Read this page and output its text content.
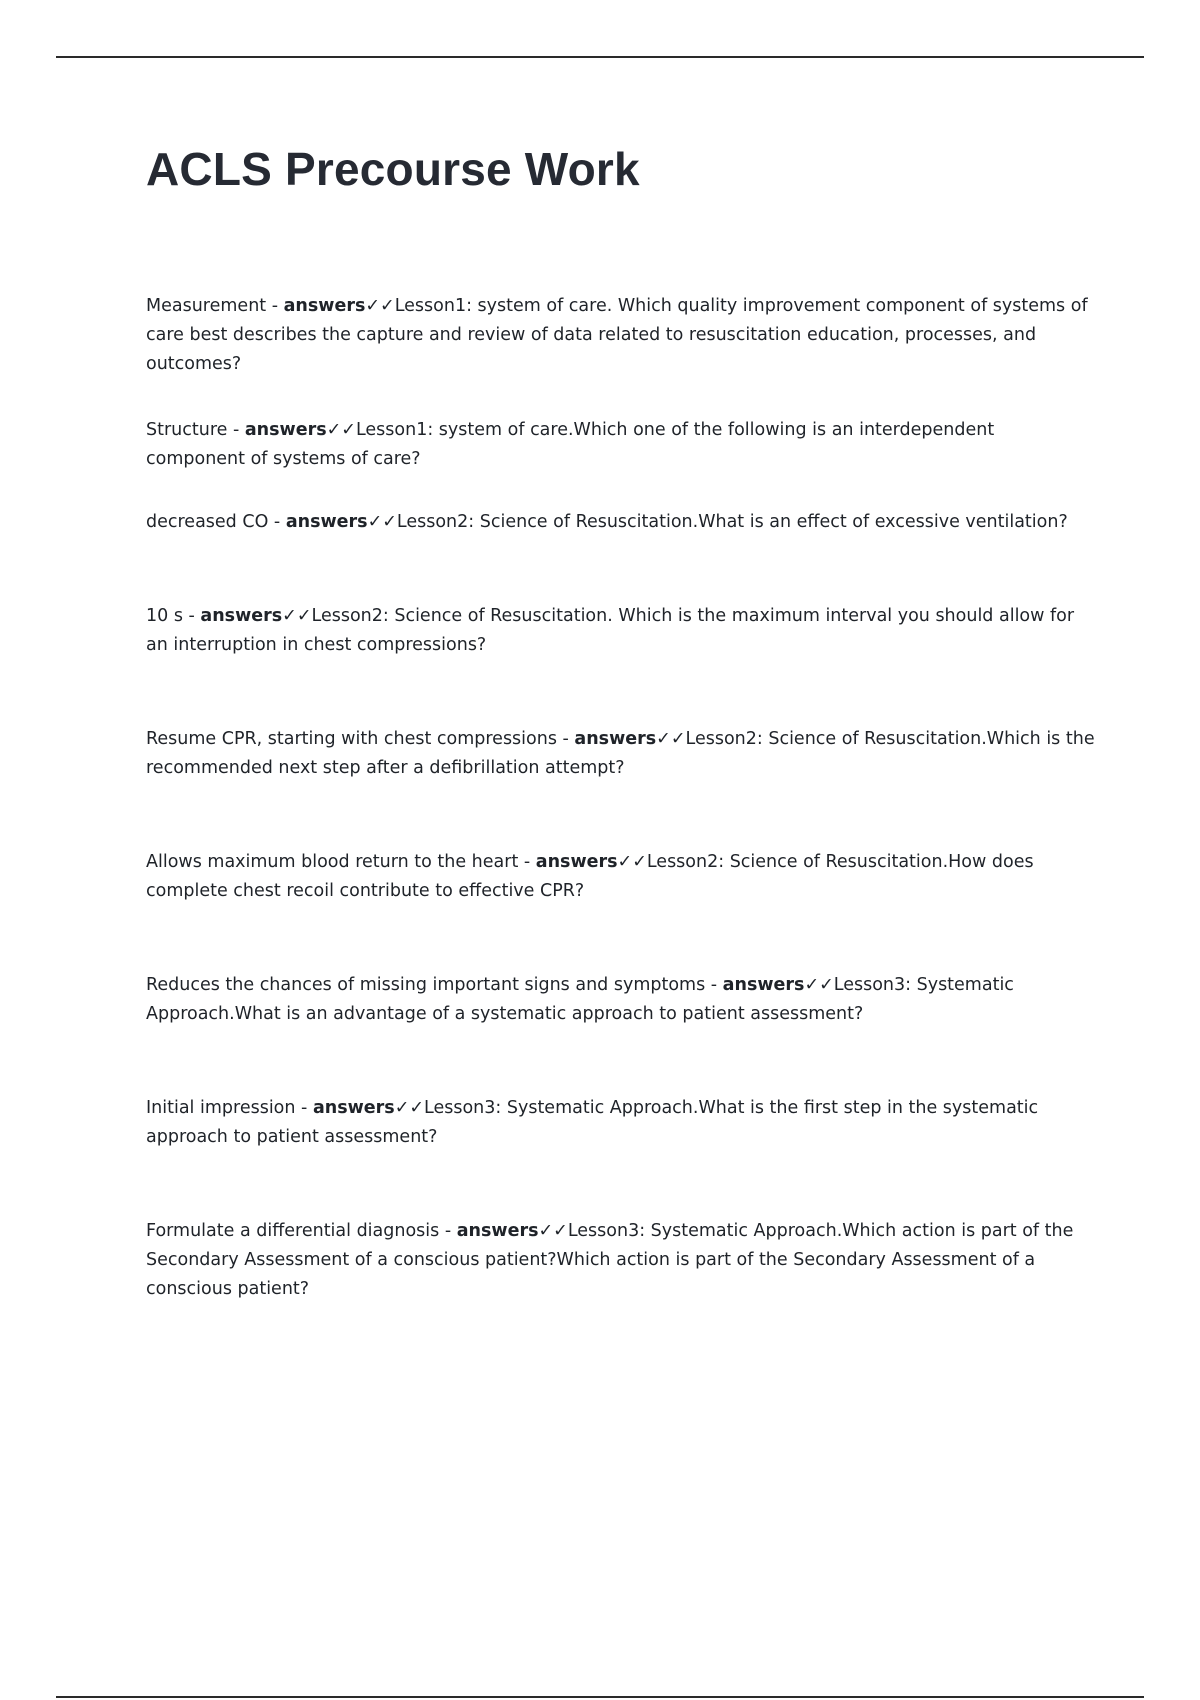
ACLS Precourse Work
Measurement - answers✓✓Lesson1: system of care. Which quality improvement component of systems of care best describes the capture and review of data related to resuscitation education, processes, and outcomes?
Structure - answers✓✓Lesson1: system of care.Which one of the following is an interdependent component of systems of care?
decreased CO - answers✓✓Lesson2: Science of Resuscitation.What is an effect of excessive ventilation?
10 s - answers✓✓Lesson2: Science of Resuscitation. Which is the maximum interval you should allow for an interruption in chest compressions?
Resume CPR, starting with chest compressions - answers✓✓Lesson2: Science of Resuscitation.Which is the recommended next step after a defibrillation attempt?
Allows maximum blood return to the heart - answers✓✓Lesson2: Science of Resuscitation.How does complete chest recoil contribute to effective CPR?
Reduces the chances of missing important signs and symptoms - answers✓✓Lesson3: Systematic Approach.What is an advantage of a systematic approach to patient assessment?
Initial impression - answers✓✓Lesson3: Systematic Approach.What is the first step in the systematic approach to patient assessment?
Formulate a differential diagnosis - answers✓✓Lesson3: Systematic Approach.Which action is part of the Secondary Assessment of a conscious patient?Which action is part of the Secondary Assessment of a conscious patient?
